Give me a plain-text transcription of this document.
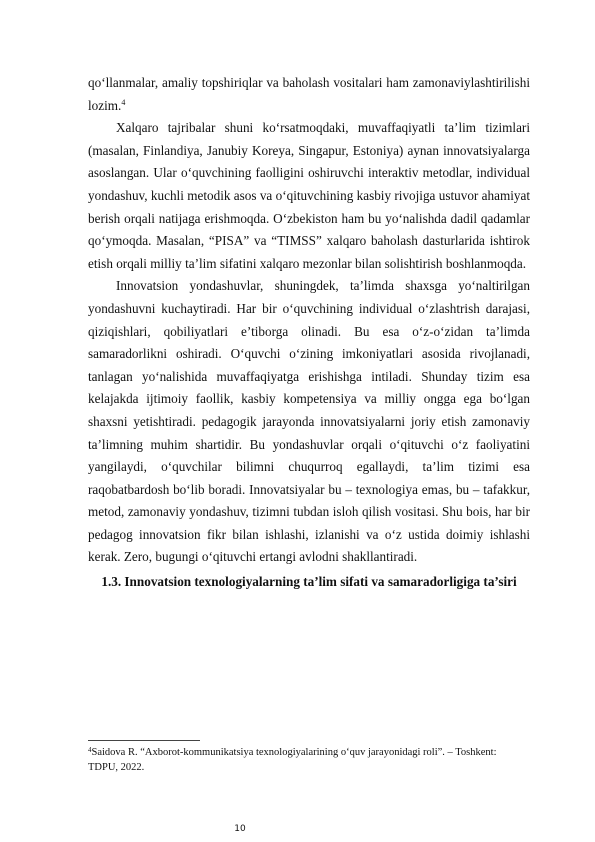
qo‘llanmalar, amaliy topshiriqlar va baholash vositalari ham zamonaviylashtirilishi lozim.$^4$

Xalqaro tajribalar shuni ko‘rsatmoqdaki, muvaffaqiyatli ta’lim tizimlari (masalan, Finlandiya, Janubiy Koreya, Singapur, Estoniya) aynan innovatsiyalarga asoslangan. Ular o‘quvchining faolligini oshiruvchi interaktiv metodlar, individual yondashuv, kuchli metodik asos va o‘qituvchining kasbiy rivojiga ustuvor ahamiyat berish orqali natijaga erishmoqda. O‘zbekiston ham bu yo‘nalishda dadil qadamlar qo‘ymoqda. Masalan, “PISA” va “TIMSS” xalqaro baholash dasturlarida ishtirok etish orqali milliy ta’lim sifatini xalqaro mezonlar bilan solishtirish boshlanmoqda.

Innovatsion yondashuvlar, shuningdek, ta’limda shaxsga yo‘naltirilgan yondashuvni kuchaytiradi. Har bir o‘quvchining individual o‘zlashtrish darajasi, qiziqishlari, qobiliyatlari e’tiborga olinadi. Bu esa o‘z-o‘zidan ta’limda samaradorlikni oshiradi. O‘quvchi o‘zining imkoniyatlari asosida rivojlanadi, tanlagan yo‘nalishida muvaffaqiyatga erishishga intiladi. Shunday tizim esa kelajakda ijtimoiy faollik, kasbiy kompetensiya va milliy ongga ega bo‘lgan shaxsni yetishtiradi. pedagogik jarayonda innovatsiyalarni joriy etish zamonaviy ta’limning muhim shartidir. Bu yondashuvlar orqali o‘qituvchi o‘z faoliyatini yangilaydi, o‘quvchilar bilimni chuqurroq egallaydi, ta’lim tizimi esa raqobatbardosh bo‘lib boradi. Innovatsiyalar bu – texnologiya emas, bu – tafakkur, metod, zamonaviy yondashuv, tizimni tubdan isloh qilish vositasi. Shu bois, har bir pedagog innovatsion fikr bilan ishlashi, izlanishi va o‘z ustida doimiy ishlashi kerak. Zero, bugungi o‘qituvchi ertangi avlodni shakllantiradi.

1.3. Innovatsion texnologiyalarning ta’lim sifati va samaradorligiga ta’siri

$^4$Saidova R. “Axborot-kommunikatsiya texnologiyalarining o‘quv jarayonidagi roli”. – Toshkent: TDPU, 2022.
10
